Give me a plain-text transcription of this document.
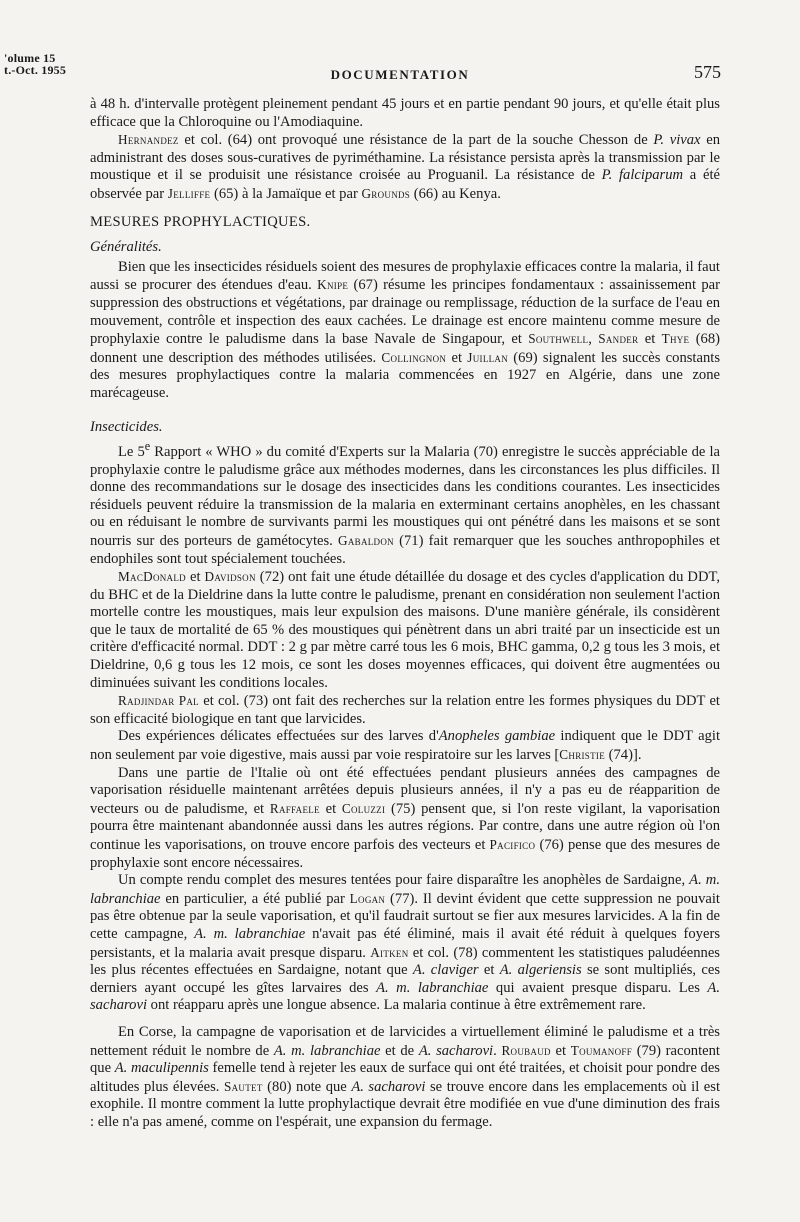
'olume 15
t.-Oct. 1955	DOCUMENTATION	575

à 48 h. d'intervalle protègent pleinement pendant 45 jours et en partie pendant 90 jours, et qu'elle était plus efficace que la Chloroquine ou l'Amodiaquine.

Hernandez et col. (64) ont provoqué une résistance de la part de la souche Chesson de P. vivax en administrant des doses sous-curatives de pyriméthamine. La résistance persista après la transmission par le moustique et il se produisit une résistance croisée au Proguanil. La résistance de P. falciparum a été observée par Jelliffe (65) à la Jamaïque et par Grounds (66) au Kenya.

MESURES PROPHYLACTIQUES.
Généralités.

Bien que les insecticides résiduels soient des mesures de prophylaxie efficaces contre la malaria, il faut aussi se procurer des étendues d'eau. Knipe (67) résume les principes fondamentaux : assainissement par suppression des obstructions et végétations, par drainage ou remplissage, réduction de la surface de l'eau en mouvement, contrôle et inspection des eaux cachées. Le drainage est encore maintenu comme mesure de prophylaxie contre le paludisme dans la base Navale de Singapour, et Southwell, Sander et Thye (68) donnent une description des méthodes utilisées. Collingnon et Juillan (69) signalent les succès constants des mesures prophylactiques contre la malaria commencées en 1927 en Algérie, dans une zone marécageuse.

Insecticides.

Le 5e Rapport « WHO » du comité d'Experts sur la Malaria (70) enregistre le succès appréciable de la prophylaxie contre le paludisme grâce aux méthodes modernes, dans les circonstances les plus difficiles. Il donne des recommandations sur le dosage des insecticides dans les conditions courantes. Les insecticides résiduels peuvent réduire la transmission de la malaria en exterminant certains anophèles, en les chassant ou en réduisant le nombre de survivants parmi les moustiques qui ont pénétré dans les maisons et se sont nourris sur des porteurs de gamétocytes. Gabaldon (71) fait remarquer que les souches anthropophiles et endophiles sont tout spécialement touchées.

MacDonald et Davidson (72) ont fait une étude détaillée du dosage et des cycles d'application du DDT, du BHC et de la Dieldrine dans la lutte contre le paludisme, prenant en considération non seulement l'action mortelle contre les moustiques, mais leur expulsion des maisons. D'une manière générale, ils considèrent que le taux de mortalité de 65 % des moustiques qui pénètrent dans un abri traité par un insecticide est un critère d'efficacité normal. DDT : 2 g par mètre carré tous les 6 mois, BHC gamma, 0,2 g tous les 3 mois, et Dieldrine, 0,6 g tous les 12 mois, ce sont les doses moyennes efficaces, qui doivent être augmentées ou diminuées suivant les conditions locales.

Radjindar Pal et col. (73) ont fait des recherches sur la relation entre les formes physiques du DDT et son efficacité biologique en tant que larvicides.

Des expériences délicates effectuées sur des larves d'Anopheles gambiae indiquent que le DDT agit non seulement par voie digestive, mais aussi par voie respiratoire sur les larves [Christie (74)].

Dans une partie de l'Italie où ont été effectuées pendant plusieurs années des campagnes de vaporisation résiduelle maintenant arrêtées depuis plusieurs années, il n'y a pas eu de réapparition de vecteurs ou de paludisme, et Raffaele et Coluzzi (75) pensent que, si l'on reste vigilant, la vaporisation pourra être maintenant abandonnée aussi dans les autres régions. Par contre, dans une autre région où l'on continue les vaporisations, on trouve encore parfois des vecteurs et Pacifico (76) pense que des mesures de prophylaxie sont encore nécessaires.

Un compte rendu complet des mesures tentées pour faire disparaître les anophèles de Sardaigne, A. m. labranchiae en particulier, a été publié par Logan (77). Il devint évident que cette suppression ne pouvait pas être obtenue par la seule vaporisation, et qu'il faudrait surtout se fier aux mesures larvicides. A la fin de cette campagne, A. m. labranchiae n'avait pas été éliminé, mais il avait été réduit à quelques foyers persistants, et la malaria avait presque disparu. Aitken et col. (78) commentent les statistiques paludéennes les plus récentes effectuées en Sardaigne, notant que A. claviger et A. algeriensis se sont multipliés, ces derniers ayant occupé les gîtes larvaires des A. m. labranchiae qui avaient presque disparu. Les A. sacharovi ont réapparu après une longue absence. La malaria continue à être extrêmement rare.

En Corse, la campagne de vaporisation et de larvicides a virtuellement éliminé le paludisme et a très nettement réduit le nombre de A. m. labranchiae et de A. sacharovi. Roubaud et Toumanoff (79) racontent que A. maculipennis femelle tend à rejeter les eaux de surface qui ont été traitées, et choisit pour pondre des altitudes plus élevées. Sautet (80) note que A. sacharovi se trouve encore dans les emplacements où il est exophile. Il montre comment la lutte prophylactique devrait être modifiée en vue d'une diminution des frais : elle n'a pas amené, comme on l'espérait, une expansion du fermage.
